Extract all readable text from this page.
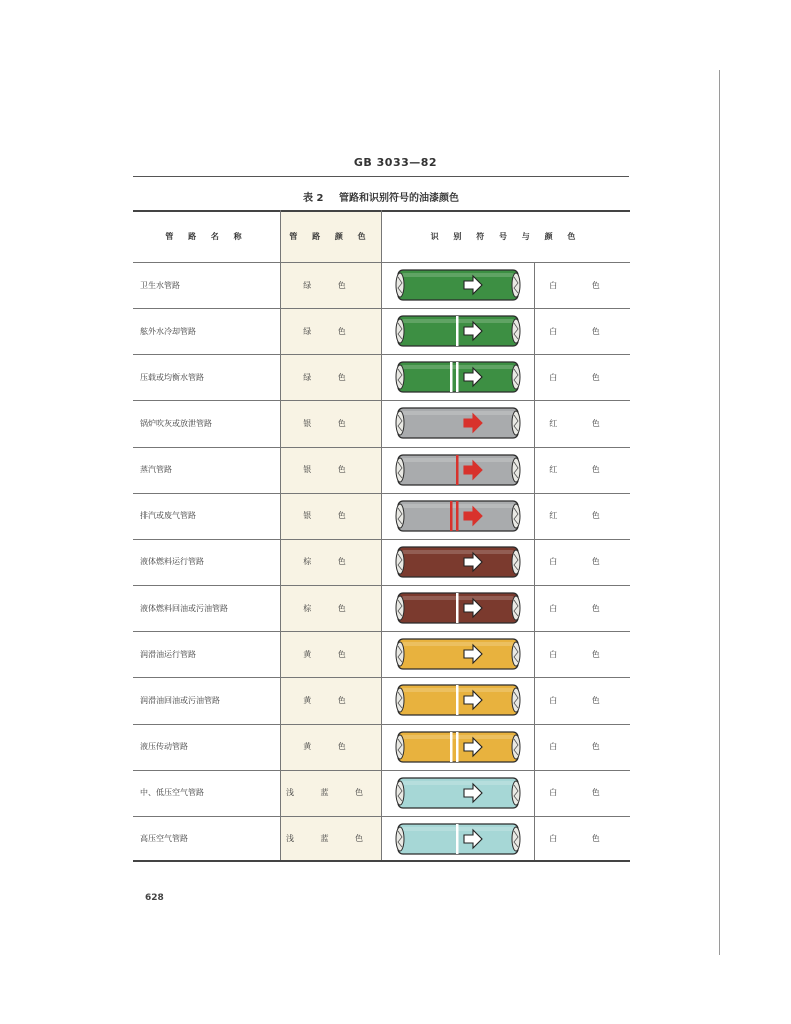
GB 3033—82
表 2 管路和识别符号的油漆颜色
管 路 名 称	管 路 颜 色	识 别 符 号 与 颜 色
卫生水管路	绿 色	白 色
舷外水冷却管路	绿 色	白 色
压载或均衡水管路	绿 色	白 色
锅炉吹灰或放泄管路	银 色	红 色
蒸汽管路	银 色	红 色
排汽或废气管路	银 色	红 色
液体燃料运行管路	棕 色	白 色
液体燃料回油或污油管路	棕 色	白 色
润滑油运行管路	黄 色	白 色
润滑油回油或污油管路	黄 色	白 色
液压传动管路	黄 色	白 色
中、低压空气管路	浅 蓝 色	白 色
高压空气管路	浅 蓝 色	白 色
628
